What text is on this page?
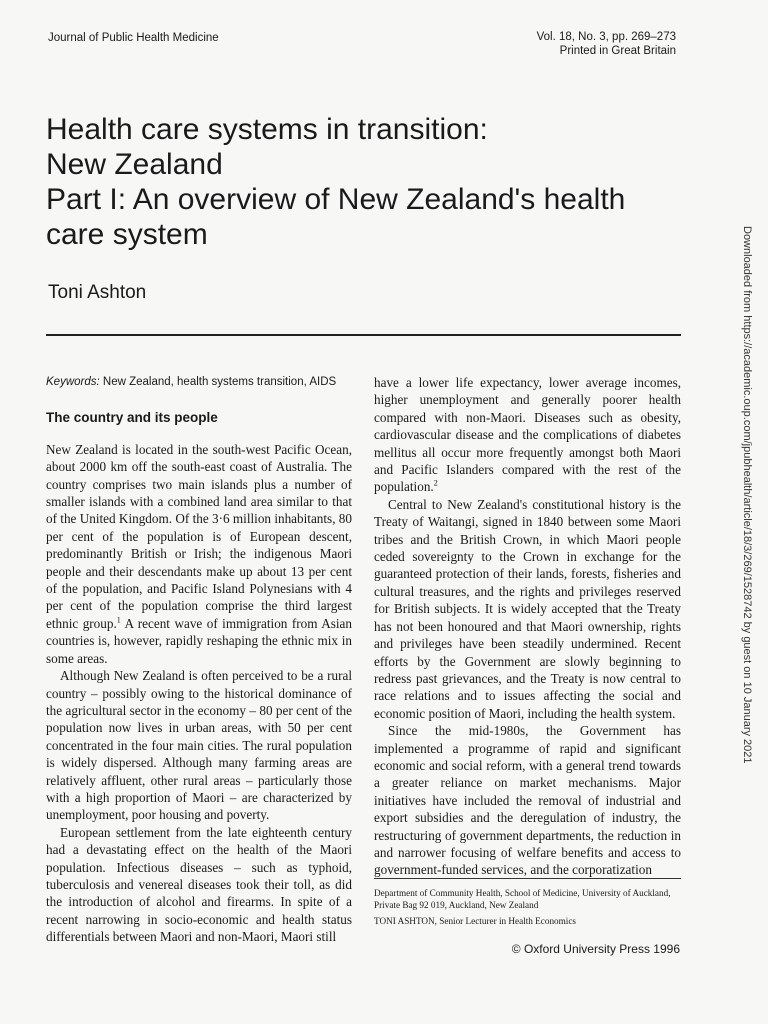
Journal of Public Health Medicine	Vol. 18, No. 3, pp. 269–273
Printed in Great Britain
Health care systems in transition:
New Zealand
Part I: An overview of New Zealand's health
care system
Toni Ashton
Keywords: New Zealand, health systems transition, AIDS
The country and its people

New Zealand is located in the south-west Pacific Ocean, about 2000 km off the south-east coast of Australia. The country comprises two main islands plus a number of smaller islands with a combined land area similar to that of the United Kingdom. Of the 3·6 million inhabitants, 80 per cent of the population is of European descent, predominantly British or Irish; the indigenous Maori people and their descendants make up about 13 per cent of the population, and Pacific Island Polynesians with 4 per cent of the population comprise the third largest ethnic group.$^1$ A recent wave of immigration from Asian countries is, however, rapidly reshaping the ethnic mix in some areas.

Although New Zealand is often perceived to be a rural country – possibly owing to the historical dominance of the agricultural sector in the economy – 80 per cent of the population now lives in urban areas, with 50 per cent concentrated in the four main cities. The rural population is widely dispersed. Although many farming areas are relatively affluent, other rural areas – particularly those with a high proportion of Maori – are characterized by unemployment, poor housing and poverty.

European settlement from the late eighteenth century had a devastating effect on the health of the Maori population. Infectious diseases – such as typhoid, tuberculosis and venereal diseases took their toll, as did the introduction of alcohol and firearms. In spite of a recent narrowing in socio-economic and health status differentials between Maori and non-Maori, Maori still

have a lower life expectancy, lower average incomes, higher unemployment and generally poorer health compared with non-Maori. Diseases such as obesity, cardiovascular disease and the complications of diabetes mellitus all occur more frequently amongst both Maori and Pacific Islanders compared with the rest of the population.$^2$

Central to New Zealand's constitutional history is the Treaty of Waitangi, signed in 1840 between some Maori tribes and the British Crown, in which Maori people ceded sovereignty to the Crown in exchange for the guaranteed protection of their lands, forests, fisheries and cultural treasures, and the rights and privileges reserved for British subjects. It is widely accepted that the Treaty has not been honoured and that Maori ownership, rights and privileges have been steadily undermined. Recent efforts by the Government are slowly beginning to redress past grievances, and the Treaty is now central to race relations and to issues affecting the social and economic position of Maori, including the health system.

Since the mid-1980s, the Government has implemented a programme of rapid and significant economic and social reform, with a general trend towards a greater reliance on market mechanisms. Major initiatives have included the removal of industrial and export subsidies and the deregulation of industry, the restructuring of government departments, the reduction in and narrower focusing of welfare benefits and access to government-funded services, and the corporatization

Department of Community Health, School of Medicine, University of Auckland, Private Bag 92 019, Auckland, New Zealand
TONI ASHTON, Senior Lecturer in Health Economics
© Oxford University Press 1996
Downloaded from https://academic.oup.com/jpubhealth/article/18/3/269/1528742 by guest on 10 January 2021
